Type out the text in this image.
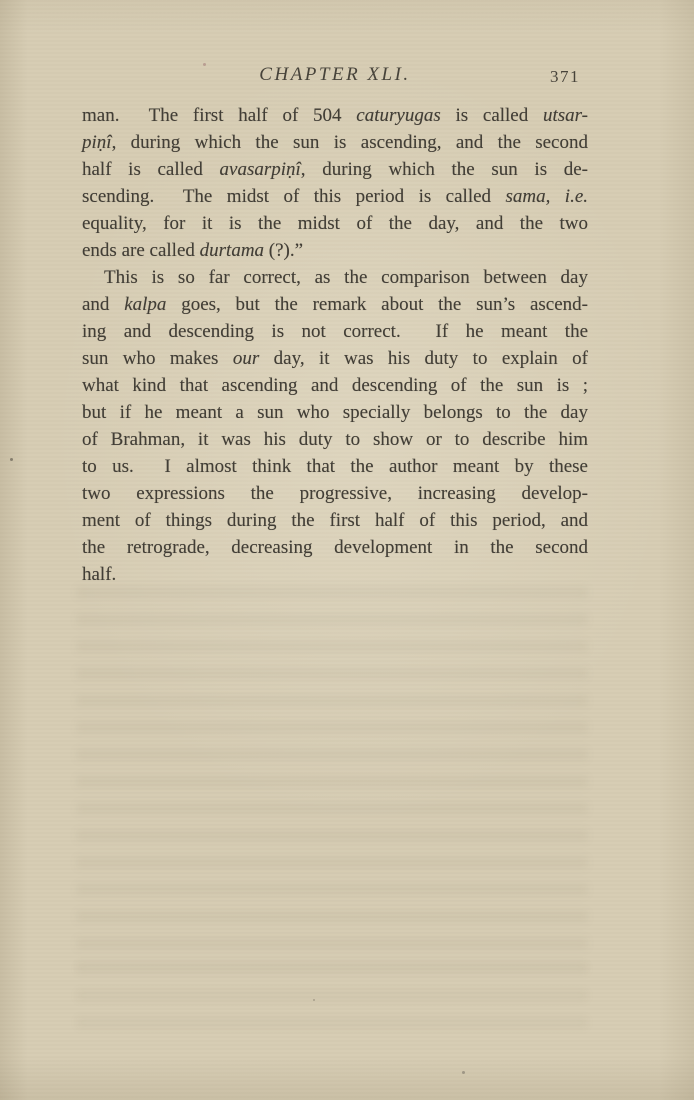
CHAPTER XLI.	371
man.  The first half of 504 caturyugas is called utsar-
piṇî, during which the sun is ascending, and the second
half is called avasarpiṇî, during which the sun is de-
scending.  The midst of this period is called sama, i.e.
equality, for it is the midst of the day, and the two
ends are called durtama (?).”
This is so far correct, as the comparison between day
and kalpa goes, but the remark about the sun’s ascend-
ing and descending is not correct.  If he meant the
sun who makes our day, it was his duty to explain of
what kind that ascending and descending of the sun is ;
but if he meant a sun who specially belongs to the day
of Brahman, it was his duty to show or to describe him
to us.  I almost think that the author meant by these
two expressions the progressive, increasing develop-
ment of things during the first half of this period, and
the retrograde, decreasing development in the second
half.
